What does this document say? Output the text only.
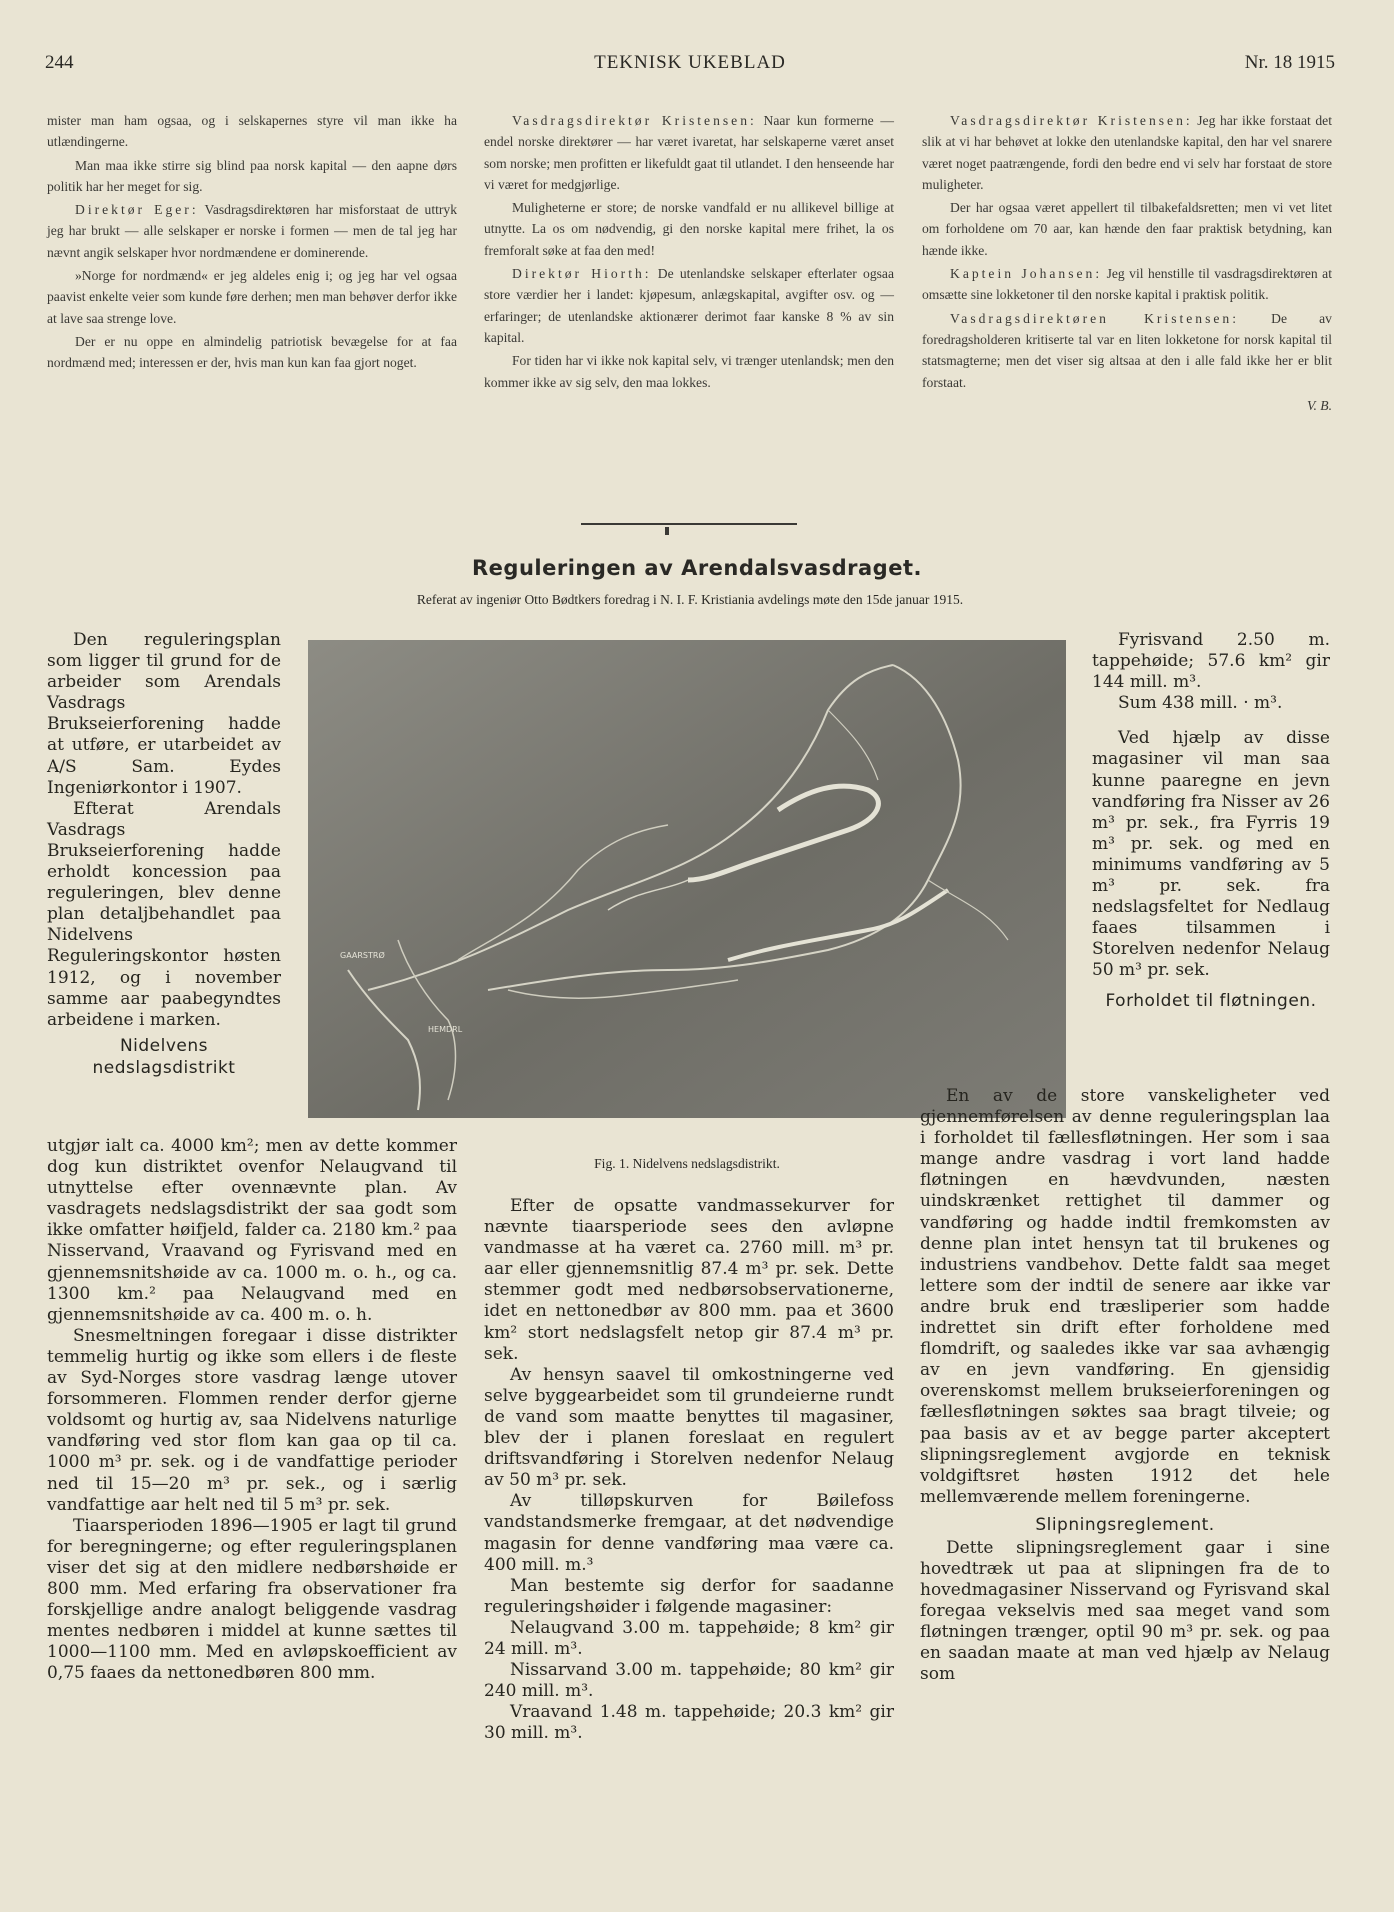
244	TEKNISK UKEBLAD	Nr. 18 1915

mister man ham ogsaa, og i selskapernes styre vil man ikke ha utlændingerne.

Man maa ikke stirre sig blind paa norsk kapital — den aapne dørs politik har her meget for sig.

Direktør Eger: Vasdragsdirektøren har misforstaat de uttryk jeg har brukt — alle selskaper er norske i formen — men de tal jeg har nævnt angik selskaper hvor nordmændene er dominerende.

»Norge for nordmænd« er jeg aldeles enig i; og jeg har vel ogsaa paavist enkelte veier som kunde føre derhen; men man behøver derfor ikke at lave saa strenge love.

Der er nu oppe en almindelig patriotisk bevægelse for at faa nordmænd med; interessen er der, hvis man kun kan faa gjort noget.

Vasdragsdirektør Kristensen: Naar kun formerne — endel norske direktører — har været ivaretat, har selskaperne været anset som norske; men profitten er likefuldt gaat til utlandet. I den henseende har vi været for medgjørlige.

Muligheterne er store; de norske vandfald er nu allikevel billige at utnytte. La os om nødvendig, gi den norske kapital mere frihet, la os fremforalt søke at faa den med!

Direktør Hiorth: De utenlandske selskaper efterlater ogsaa store værdier her i landet: kjøpesum, anlægskapital, avgifter osv. og — erfaringer; de utenlandske aktionærer derimot faar kanske 8 % av sin kapital.

For tiden har vi ikke nok kapital selv, vi trænger utenlandsk; men den kommer ikke av sig selv, den maa lokkes.

Vasdragsdirektør Kristensen: Jeg har ikke forstaat det slik at vi har behøvet at lokke den utenlandske kapital, den har vel snarere været noget paatrængende, fordi den bedre end vi selv har forstaat de store muligheter.

Der har ogsaa været appellert til tilbakefaldsretten; men vi vet litet om forholdene om 70 aar, kan hænde den faar praktisk betydning, kan hænde ikke.

Kaptein Johansen: Jeg vil henstille til vasdragsdirektøren at omsætte sine lokketoner til den norske kapital i praktisk politik.

Vasdragsdirektøren Kristensen: De av foredragsholderen kritiserte tal var en liten lokketone for norsk kapital til statsmagterne; men det viser sig altsaa at den i alle fald ikke her er blit forstaat.

V. B.
Reguleringen av Arendalsvasdraget.
Referat av ingeniør Otto Bødtkers foredrag i N. I. F. Kristiania avdelings møte den 15de januar 1915.

Den reguleringsplan som ligger til grund for de arbeider som Arendals Vasdrags Brukseierforening hadde at utføre, er utarbeidet av A/S Sam. Eydes Ingeniørkontor i 1907.

Efterat Arendals Vasdrags Brukseierforening hadde erholdt koncession paa reguleringen, blev denne plan detaljbehandlet paa Nidelvens Reguleringskontor høsten 1912, og i november samme aar paabegyndtes arbeidene i marken.

Nidelvens nedslagsdistrikt

utgjør ialt ca. 4000 km²; men av dette kommer dog kun distriktet ovenfor Nelaugvand til utnyttelse efter ovennævnte plan. Av vasdragets nedslagsdistrikt der saa godt som ikke omfatter høifjeld, falder ca. 2180 km.² paa Nisservand, Vraavand og Fyrisvand med en gjennemsnitshøide av ca. 1000 m. o. h., og ca. 1300 km.² paa Nelaugvand med en gjennemsnitshøide av ca. 400 m. o. h.

Snesmeltningen foregaar i disse distrikter temmelig hurtig og ikke som ellers i de fleste av Syd-Norges store vasdrag længe utover forsommeren. Flommen render derfor gjerne voldsomt og hurtig av, saa Nidelvens naturlige vandføring ved stor flom kan gaa op til ca. 1000 m³ pr. sek. og i de vandfattige perioder ned til 15—20 m³ pr. sek., og i særlig vandfattige aar helt ned til 5 m³ pr. sek.

Tiaarsperioden 1896—1905 er lagt til grund for beregningerne; og efter reguleringsplanen viser det sig at den midlere nedbørshøide er 800 mm. Med erfaring fra observationer fra forskjellige andre analogt beliggende vasdrag mentes nedbøren i middel at kunne sættes til 1000—1100 mm. Med en avløpskoefficient av 0,75 faaes da nettonedbøren 800 mm.

GAARSTRØ
HEMDRL
Fig. 1. Nidelvens nedslagsdistrikt.

Efter de opsatte vandmassekurver for nævnte tiaarsperiode sees den avløpne vandmasse at ha været ca. 2760 mill. m³ pr. aar eller gjennemsnitlig 87.4 m³ pr. sek. Dette stemmer godt med nedbørsobservationerne, idet en nettonedbør av 800 mm. paa et 3600 km² stort nedslagsfelt netop gir 87.4 m³ pr. sek.

Av hensyn saavel til omkostningerne ved selve byggearbeidet som til grundeierne rundt de vand som maatte benyttes til magasiner, blev der i planen foreslaat en regulert driftsvandføring i Storelven nedenfor Nelaug av 50 m³ pr. sek.

Av tilløpskurven for Bøilefoss vandstandsmerke fremgaar, at det nødvendige magasin for denne vandføring maa være ca. 400 mill. m.³

Man bestemte sig derfor for saadanne reguleringshøider i følgende magasiner:

Nelaugvand 3.00 m. tappehøide; 8 km² gir 24 mill. m³.

Nissarvand 3.00 m. tappehøide; 80 km² gir 240 mill. m³.

Vraavand 1.48 m. tappehøide; 20.3 km² gir 30 mill. m³.

Fyrisvand 2.50 m. tappehøide; 57.6 km² gir 144 mill. m³.

Sum 438 mill. · m³.

Ved hjælp av disse magasiner vil man saa kunne paaregne en jevn vandføring fra Nisser av 26 m³ pr. sek., fra Fyrris 19 m³ pr. sek. og med en minimums vandføring av 5 m³ pr. sek. fra nedslagsfeltet for Nedlaug faaes tilsammen i Storelven nedenfor Nelaug 50 m³ pr. sek.

Forholdet til fløtningen.

En av de store vanskeligheter ved gjennemførelsen av denne reguleringsplan laa i forholdet til fællesfløtningen. Her som i saa mange andre vasdrag i vort land hadde fløtningen en hævdvunden, næsten uindskrænket rettighet til dammer og vandføring og hadde indtil fremkomsten av denne plan intet hensyn tat til brukenes og industriens vandbehov. Dette faldt saa meget lettere som der indtil de senere aar ikke var andre bruk end træsliperier som hadde indrettet sin drift efter forholdene med flomdrift, og saaledes ikke var saa avhængig av en jevn vandføring. En gjensidig overenskomst mellem brukseierforeningen og fællesfløtningen søktes saa bragt tilveie; og paa basis av et av begge parter akceptert slipningsreglement avgjorde en teknisk voldgiftsret høsten 1912 det hele mellemværende mellem foreningerne.

Slipningsreglement.

Dette slipningsreglement gaar i sine hovedtræk ut paa at slipningen fra de to hovedmagasiner Nisservand og Fyrisvand skal foregaa vekselvis med saa meget vand som fløtningen trænger, optil 90 m³ pr. sek. og paa en saadan maate at man ved hjælp av Nelaug som
